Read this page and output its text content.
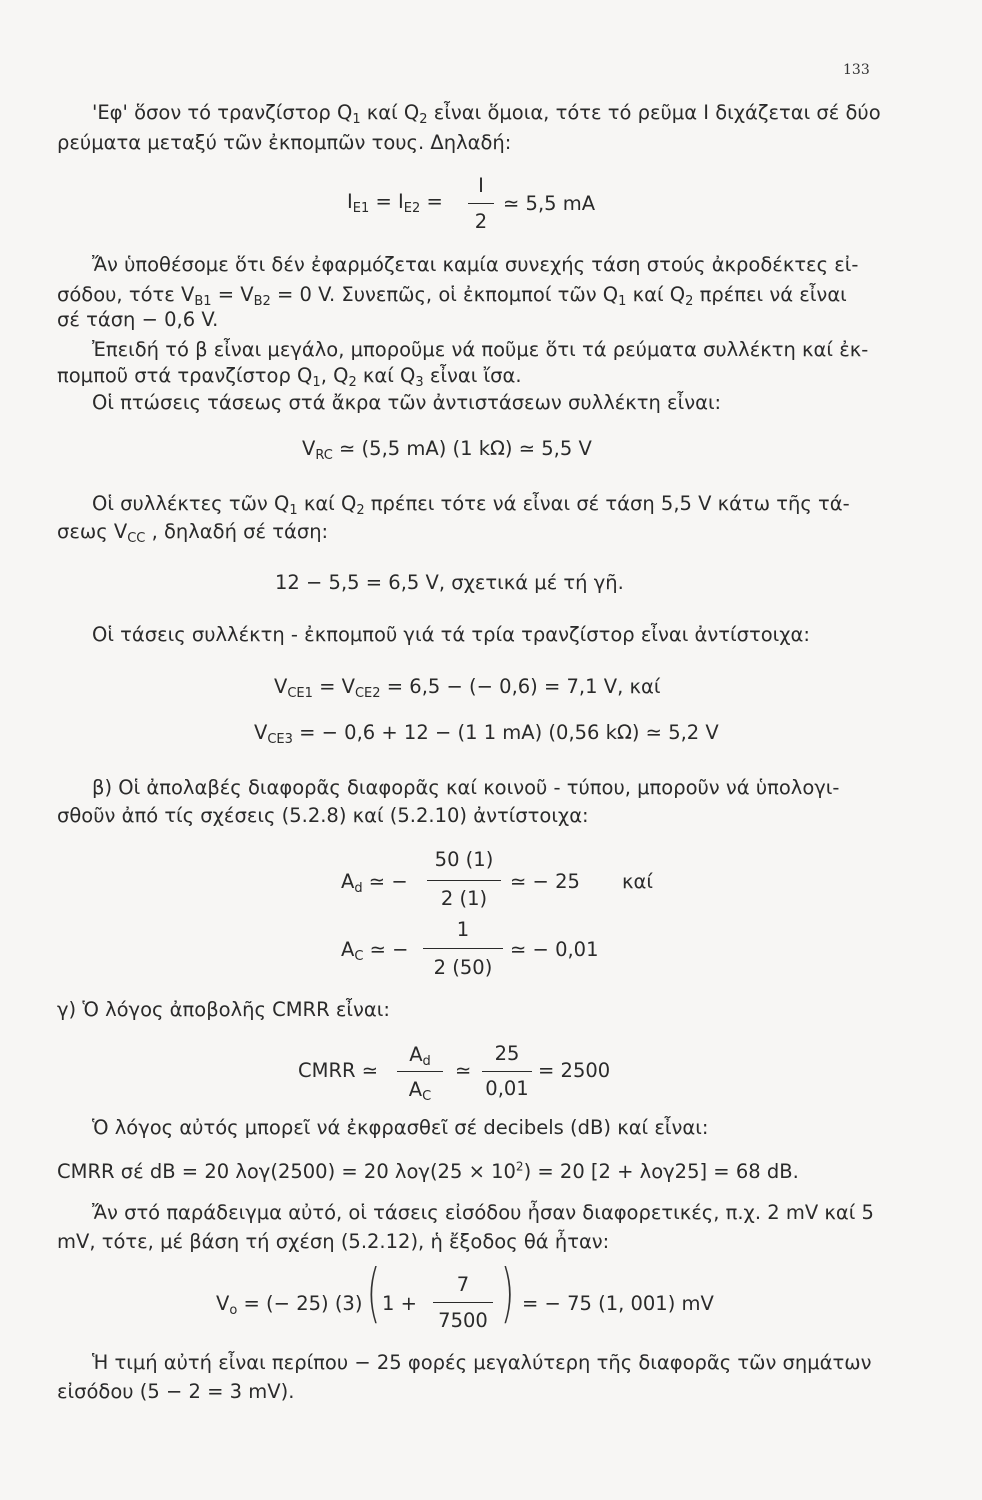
133
'Εφ' ὅσον τό τρανζίστορ $Q_1$ καί $Q_2$ εἶναι ὅμοια, τότε τό ρεῦμα I διχάζεται σέ δύο
ρεύματα μεταξύ τῶν ἐκπομπῶν τους. Δηλαδή:
$I_{E1} = I_{E2}$ =
I
2
≃ 5,5 mA
Ἄν ὑποθέσομε ὅτι δέν ἐφαρμόζεται καμία συνεχής τάση στούς ἀκροδέκτες εἰ-
σόδου, τότε $V_{B1} = V_{B2} = 0$ V. Συνεπῶς, οἱ ἐκπομποί τῶν $Q_1$ καί $Q_2$ πρέπει νά εἶναι
σέ τάση − 0,6 V.
Ἐπειδή τό β εἶναι μεγάλο, μποροῦμε νά ποῦμε ὅτι τά ρεύματα συλλέκτη καί ἐκ-
πομποῦ στά τρανζίστορ $Q_1$, $Q_2$ καί $Q_3$ εἶναι ἴσα.
Οἱ πτώσεις τάσεως στά ἄκρα τῶν ἀντιστάσεων συλλέκτη εἶναι:
$V_{RC}$ ≃ (5,5 mA) (1 kΩ) ≃ 5,5 V
Οἱ συλλέκτες τῶν $Q_1$ καί $Q_2$ πρέπει τότε νά εἶναι σέ τάση 5,5 V κάτω τῆς τά-
σεως $V_{CC}$ , δηλαδή σέ τάση:
12 − 5,5 = 6,5 V, σχετικά μέ τή γῆ.
Οἱ τάσεις συλλέκτη - ἐκπομποῦ γιά τά τρία τρανζίστορ εἶναι ἀντίστοιχα:
$V_{CE1} = V_{CE2} = 6,5$ − (− 0,6) = 7,1 V, καί
$V_{CE3}$ = − 0,6 + 12 − (1 1 mA) (0,56 kΩ) ≃ 5,2 V
β) Οἱ ἀπολαβές διαφορᾶς διαφορᾶς καί κοινοῦ - τύπου, μποροῦν νά ὑπολογι-
σθοῦν ἀπό τίς σχέσεις (5.2.8) καί (5.2.10) ἀντίστοιχα:
$A_d$ ≃ −
50 (1)
2 (1)
≃ − 25 καί
$A_C$ ≃ −
1
2 (50)
≃ − 0,01
γ) Ὁ λόγος ἀποβολῆς CMRR εἶναι:
CMRR ≃
$A_d$
$A_C$
≃
25
0,01
= 2500
Ὁ λόγος αὐτός μπορεῖ νά ἐκφρασθεῖ σέ decibels (dB) καί εἶναι:
CMRR σέ dB = 20 λογ(2500) = 20 $\lambda o\gamma(25 \times 10^2) = 20$ [2 + λογ25] = 68 dB.
Ἄν στό παράδειγμα αὐτό, οἱ τάσεις εἰσόδου ἦσαν διαφορετικές, π.χ. 2 mV καί 5
mV, τότε, μέ βάση τή σχέση (5.2.12), ἡ ἔξοδος θά ἦταν:
$V_o$ = (− 25) (3) ( 1 +
7
7500 ) = − 75 (1, 001) mV
Ἡ τιμή αὐτή εἶναι περίπου − 25 φορές μεγαλύτερη τῆς διαφορᾶς τῶν σημάτων
εἰσόδου (5 − 2 = 3 mV).
